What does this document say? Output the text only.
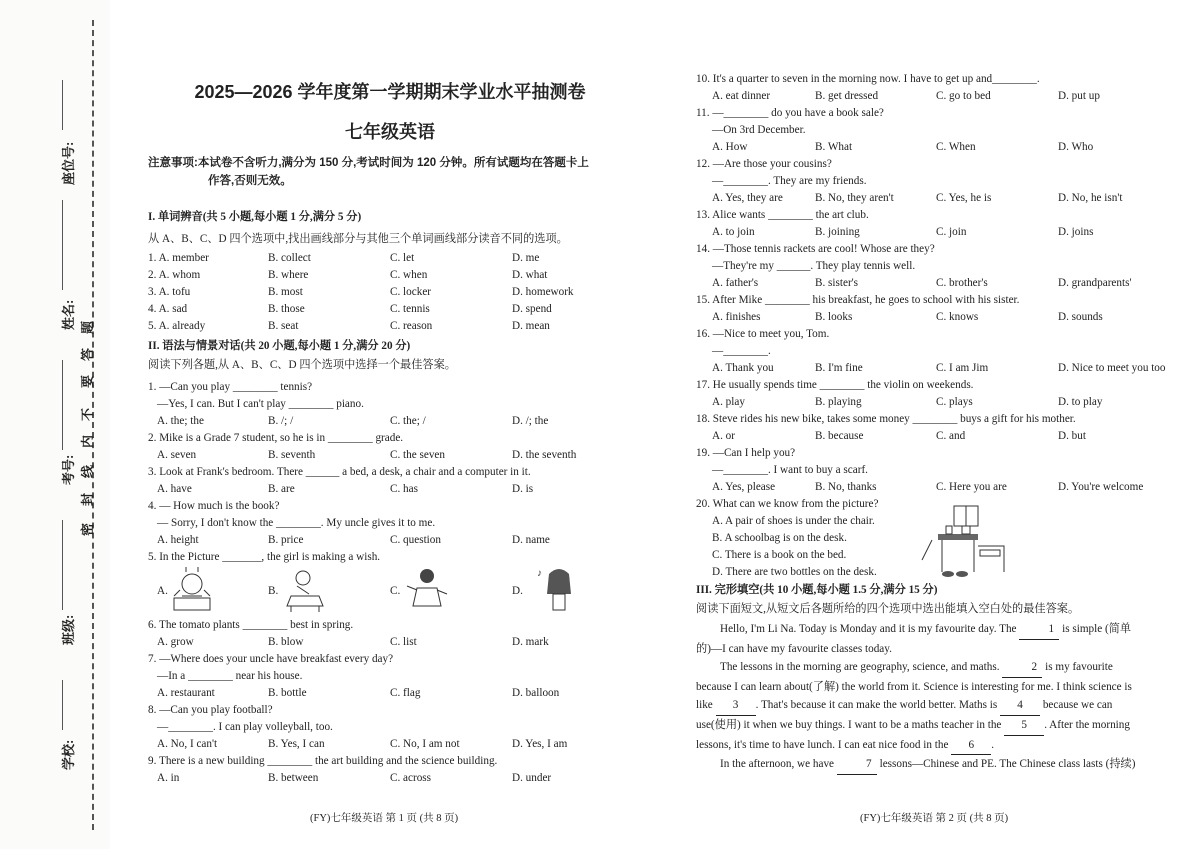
座位号:
姓名:
考号:
班级:
学校:
题
答
要
不
内
线
封
密
2025—2026 学年度第一学期期末学业水平抽测卷
七年级英语
注意事项:本试卷不含听力,满分为 150 分,考试时间为 120 分钟。所有试题均在答题卡上
作答,否则无效。
I. 单词辨音(共 5 小题,每小题 1 分,满分 5 分)
从 A、B、C、D 四个选项中,找出画线部分与其他三个单词画线部分读音不同的选项。
1. A. member	B. collect	C. let	D. me
2. A. whom	B. where	C. when	D. what
3. A. tofu	B. most	C. locker	D. homework
4. A. sad	B. those	C. tennis	D. spend
5. A. already	B. seat	C. reason	D. mean
II. 语法与情景对话(共 20 小题,每小题 1 分,满分 20 分)
阅读下列各题,从 A、B、C、D 四个选项中选择一个最佳答案。
1. —Can you play ________ tennis?
—Yes, I can. But I can't play ________ piano.
A. the; the	B. /; /	C. the; /	D. /; the
2. Mike is a Grade 7 student, so he is in ________ grade.
A. seven	B. seventh	C. the seven	D. the seventh
3. Look at Frank's bedroom. There ______ a bed, a desk, a chair and a computer in it.
A. have	B. are	C. has	D. is
4. — How much is the book?
— Sorry, I don't know the ________. My uncle gives it to me.
A. height	B. price	C. question	D. name
5. In the Picture _______, the girl is making a wish.
A.	B.	C.	D.
♪
6. The tomato plants ________ best in spring.
A. grow	B. blow	C. list	D. mark
7. —Where does your uncle have breakfast every day?
—In a ________ near his house.
A. restaurant	B. bottle	C. flag	D. balloon
8. —Can you play football?
—________. I can play volleyball, too.
A. No, I can't	B. Yes, I can	C. No, I am not	D. Yes, I am
9. There is a new building ________ the art building and the science building.
A. in	B. between	C. across	D. under
(FY)七年级英语 第 1 页 (共 8 页)
10. It's a quarter to seven in the morning now. I have to get up and________.
A. eat dinner	B. get dressed	C. go to bed	D. put up
11. —________ do you have a book sale?
—On 3rd December.
A. How	B. What	C. When	D. Who
12. —Are those your cousins?
—________. They are my friends.
A. Yes, they are	B. No, they aren't	C. Yes, he is	D. No, he isn't
13. Alice wants ________ the art club.
A. to join	B. joining	C. join	D. joins
14. —Those tennis rackets are cool! Whose are they?
—They're my ______. They play tennis well.
A. father's	B. sister's	C. brother's	D. grandparents'
15. After Mike ________ his breakfast, he goes to school with his sister.
A. finishes	B. looks	C. knows	D. sounds
16. —Nice to meet you, Tom.
—________.
A. Thank you	B. I'm fine	C. I am Jim	D. Nice to meet you too
17. He usually spends time ________ the violin on weekends.
A. play	B. playing	C. plays	D. to play
18. Steve rides his new bike, takes some money ________ buys a gift for his mother.
A. or	B. because	C. and	D. but
19. —Can I help you?
—________. I want to buy a scarf.
A. Yes, please	B. No, thanks	C. Here you are	D. You're welcome
20. What can we know from the picture?
A. A pair of shoes is under the chair.
B. A schoolbag is on the desk.
C. There is a book on the bed.
D. There are two bottles on the desk.
III. 完形填空(共 10 小题,每小题 1.5 分,满分 15 分)
阅读下面短文,从短文后各题所给的四个选项中选出能填入空白处的最佳答案。
Hello, I'm Li Na. Today is Monday and it is my favourite day. The	1 is simple (简单
的)—I can have my favourite classes today.
The lessons in the morning are geography, science, and maths.	2 is my favourite
because I can learn about(了解) the world from it. Science is interesting for me. I think science is
like 3 . That's because it can make the world better. Maths is 4 because we can
use(使用) it when we buy things. I want to be a maths teacher in the 5 . After the morning
lessons, it's time to have lunch. I can eat nice food in the 6 .
In the afternoon, we have	7 lessons—Chinese and PE. The Chinese class lasts (持续)
(FY)七年级英语 第 2 页 (共 8 页)
